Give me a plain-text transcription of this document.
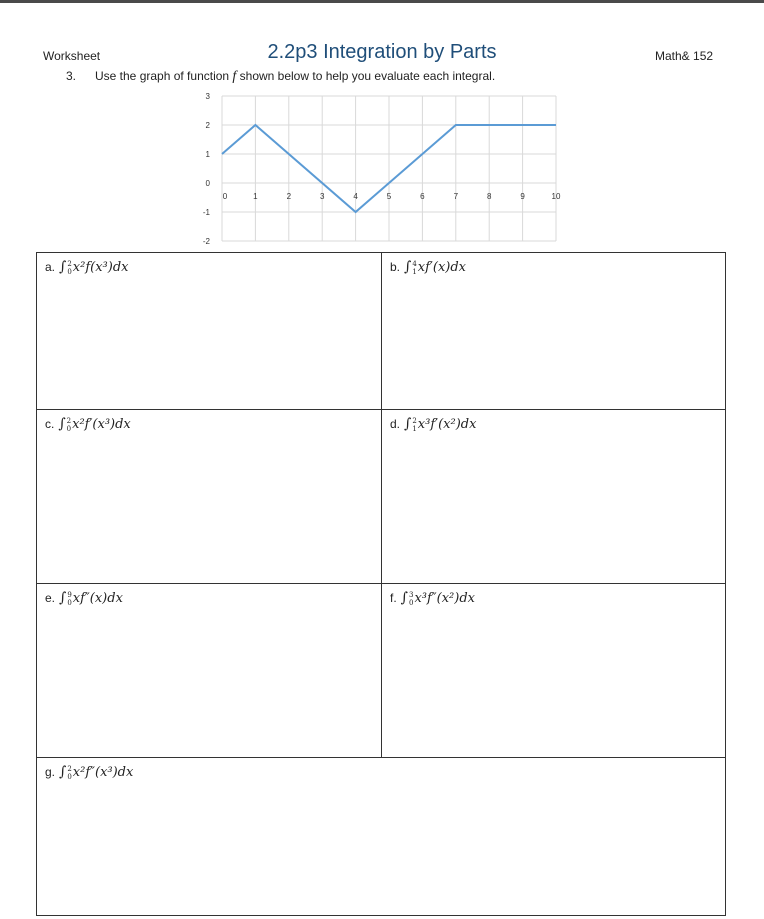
Worksheet	2.2p3 Integration by Parts	Math& 152
3. Use the graph of function f shown below to help you evaluate each integral.
3
2
1
0
-1
-2
0	1	2	3	4	5	6	7	8	9	10
a. ∫ 2
0 x²f(x³)dx	b. ∫ 4
1 xf′(x)dx
c. ∫ 2
0 x²f′(x³)dx	d. ∫ 2
1 x³f′(x²)dx
e. ∫ 9
0 xf″(x)dx	f. ∫ 3
0 x³f″(x²)dx
g. ∫ 2
0 x²f″(x³)dx
